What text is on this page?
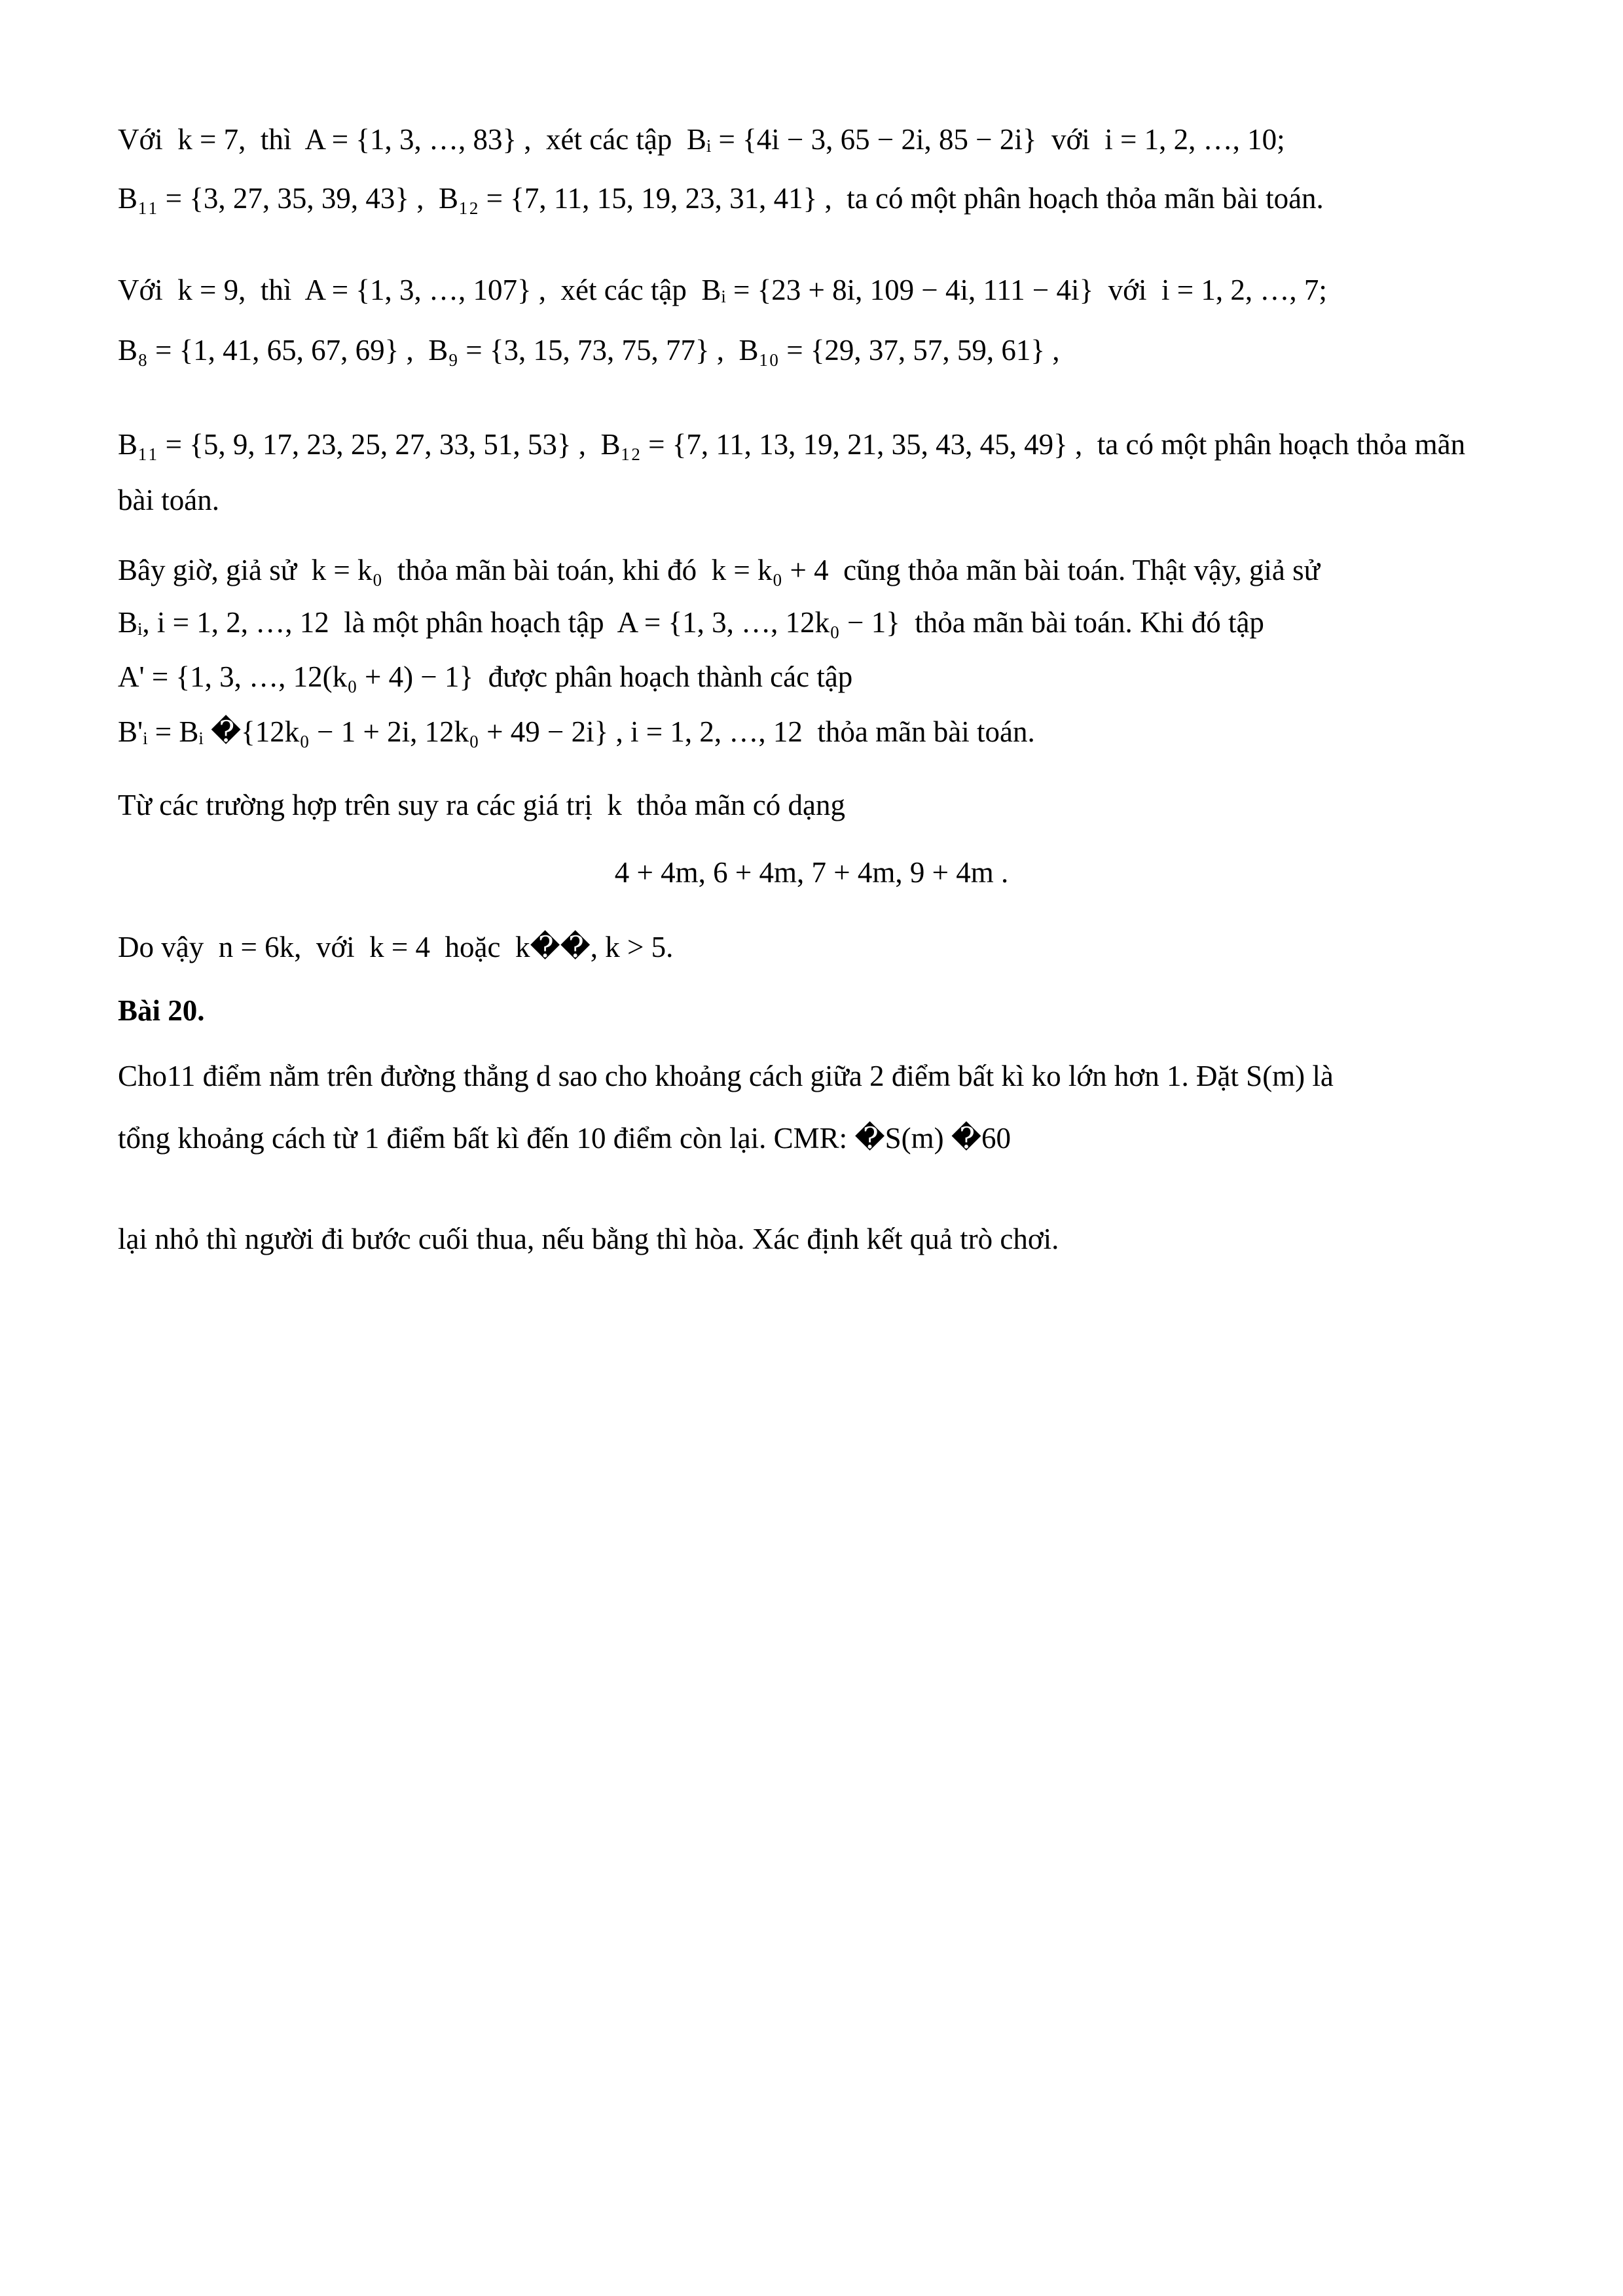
Với  k = 7,  thì  A = {1, 3, …, 83} ,  xét các tập  Bᵢ = {4i − 3, 65 − 2i, 85 − 2i}  với  i = 1, 2, …, 10;
B₁₁ = {3, 27, 35, 39, 43} ,  B₁₂ = {7, 11, 15, 19, 23, 31, 41} ,  ta có một phân hoạch thỏa mãn bài toán.
Với  k = 9,  thì  A = {1, 3, …, 107} ,  xét các tập  Bᵢ = {23 + 8i, 109 − 4i, 111 − 4i}  với  i = 1, 2, …, 7;
B₈ = {1, 41, 65, 67, 69} ,  B₉ = {3, 15, 73, 75, 77} ,  B₁₀ = {29, 37, 57, 59, 61} ,
B₁₁ = {5, 9, 17, 23, 25, 27, 33, 51, 53} ,  B₁₂ = {7, 11, 13, 19, 21, 35, 43, 45, 49} ,  ta có một phân hoạch thỏa mãn
bài toán.
Bây giờ, giả sử  k = k₀  thỏa mãn bài toán, khi đó  k = k₀ + 4  cũng thỏa mãn bài toán. Thật vậy, giả sử
Bᵢ, i = 1, 2, …, 12  là một phân hoạch tập  A = {1, 3, …, 12k₀ − 1}  thỏa mãn bài toán. Khi đó tập
A' = {1, 3, …, 12(k₀ + 4) − 1}  được phân hoạch thành các tập
B'ᵢ = Bᵢ �{12k₀ − 1 + 2i, 12k₀ + 49 − 2i} , i = 1, 2, …, 12  thỏa mãn bài toán.
Từ các trường hợp trên suy ra các giá trị  k  thỏa mãn có dạng
4 + 4m, 6 + 4m, 7 + 4m, 9 + 4m .
Do vậy  n = 6k,  với  k = 4  hoặc  k��, k > 5.
Bài 20.
Cho11 điểm nằm trên đường thẳng d sao cho khoảng cách giữa 2 điểm bất kì ko lớn hơn 1. Đặt S(m) là
tổng khoảng cách từ 1 điểm bất kì đến 10 điểm còn lại. CMR: �S(m) �60
lại nhỏ thì người đi bước cuối thua, nếu bằng thì hòa. Xác định kết quả trò chơi.
